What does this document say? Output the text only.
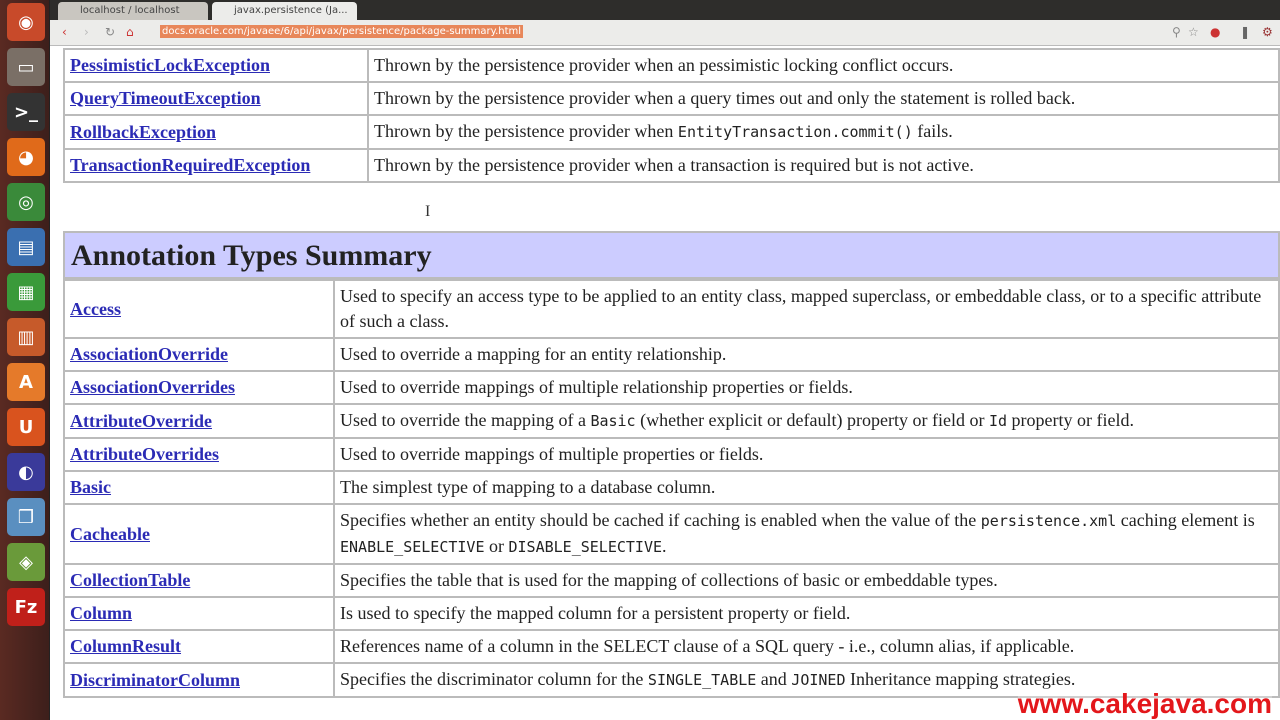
◉
▭
>_
◕
◎
▤
▦
▥
A
U
◐
❒
◈
Fz
localhost / localhost	javax.persistence (Ja...
‹ › ↻ ⌂	docs.oracle.com/javaee/6/api/javax/persistence/package-summary.html	⚲ ☆ ● ❚ ⚙
PessimisticLockException	Thrown by the persistence provider when an pessimistic locking conflict occurs.
QueryTimeoutException	Thrown by the persistence provider when a query times out and only the statement is rolled back.
RollbackException	Thrown by the persistence provider when EntityTransaction.commit() fails.
TransactionRequiredException	Thrown by the persistence provider when a transaction is required but is not active.
Annotation Types Summary
Access	Used to specify an access type to be applied to an entity class, mapped superclass, or embeddable class, or to a specific attribute of such a class.
AssociationOverride	Used to override a mapping for an entity relationship.
AssociationOverrides	Used to override mappings of multiple relationship properties or fields.
AttributeOverride	Used to override the mapping of a Basic (whether explicit or default) property or field or Id property or field.
AttributeOverrides	Used to override mappings of multiple properties or fields.
Basic	The simplest type of mapping to a database column.
Cacheable	Specifies whether an entity should be cached if caching is enabled when the value of the persistence.xml caching element is ENABLE_SELECTIVE or DISABLE_SELECTIVE.
CollectionTable	Specifies the table that is used for the mapping of collections of basic or embeddable types.
Column	Is used to specify the mapped column for a persistent property or field.
ColumnResult	References name of a column in the SELECT clause of a SQL query - i.e., column alias, if applicable.
DiscriminatorColumn	Specifies the discriminator column for the SINGLE_TABLE and JOINED Inheritance mapping strategies.
I
www.cakejava.com
